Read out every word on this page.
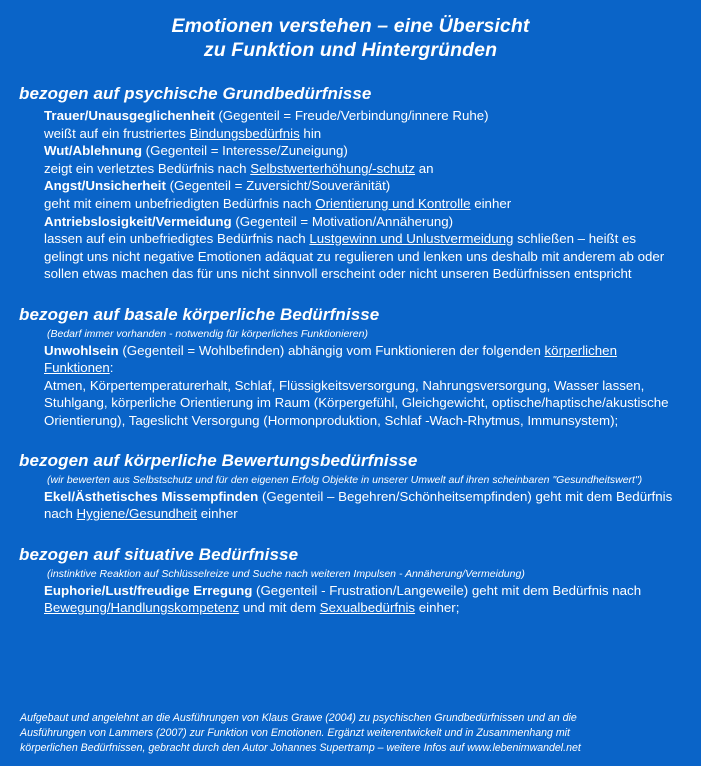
Emotionen verstehen – eine Übersicht
zu Funktion und Hintergründen
bezogen auf psychische Grundbedürfnisse
Trauer/Unausgeglichenheit (Gegenteil = Freude/Verbindung/innere Ruhe)
weißt auf ein frustriertes Bindungsbedürfnis hin
Wut/Ablehnung (Gegenteil = Interesse/Zuneigung)
zeigt ein verletztes Bedürfnis nach Selbstwerterhöhung/-schutz an
Angst/Unsicherheit (Gegenteil = Zuversicht/Souveränität)
geht mit einem unbefriedigten Bedürfnis nach Orientierung und Kontrolle einher
Antriebslosigkeit/Vermeidung (Gegenteil = Motivation/Annäherung)
lassen auf ein unbefriedigtes Bedürfnis nach Lustgewinn und Unlustvermeidung schließen – heißt es gelingt uns nicht negative Emotionen adäquat zu regulieren und lenken uns deshalb mit anderem ab oder sollen etwas machen das für uns nicht sinnvoll erscheint oder nicht unseren Bedürfnissen entspricht
bezogen auf basale körperliche Bedürfnisse
(Bedarf immer vorhanden - notwendig für körperliches Funktionieren)
Unwohlsein (Gegenteil = Wohlbefinden) abhängig vom Funktionieren der folgenden körperlichen Funktionen:
Atmen, Körpertemperaturerhalt, Schlaf, Flüssigkeitsversorgung, Nahrungsversorgung, Wasser lassen, Stuhlgang, körperliche Orientierung im Raum (Körpergefühl, Gleichgewicht, optische/haptische/akustische Orientierung), Tageslicht Versorgung (Hormonproduktion, Schlaf -Wach-Rhytmus, Immunsystem);
bezogen auf körperliche Bewertungsbedürfnisse
(wir bewerten aus Selbstschutz und für den eigenen Erfolg Objekte in unserer Umwelt auf ihren scheinbaren "Gesundheitswert")
Ekel/Ästhetisches Missempfinden (Gegenteil – Begehren/Schönheitsempfinden) geht mit dem Bedürfnis nach Hygiene/Gesundheit einher
bezogen auf situative Bedürfnisse
(instinktive Reaktion auf Schlüsselreize und Suche nach weiteren Impulsen - Annäherung/Vermeidung)
Euphorie/Lust/freudige Erregung (Gegenteil - Frustration/Langeweile) geht mit dem Bedürfnis nach Bewegung/Handlungskompetenz und mit dem Sexualbedürfnis einher;
Aufgebaut und angelehnt an die Ausführungen von Klaus Grawe (2004) zu psychischen Grundbedürfnissen und an die
Ausführungen von Lammers (2007) zur Funktion von Emotionen. Ergänzt weiterentwickelt und in Zusammenhang mit
körperlichen Bedürfnissen, gebracht durch den Autor Johannes Supertramp – weitere Infos auf www.lebenimwandel.net
